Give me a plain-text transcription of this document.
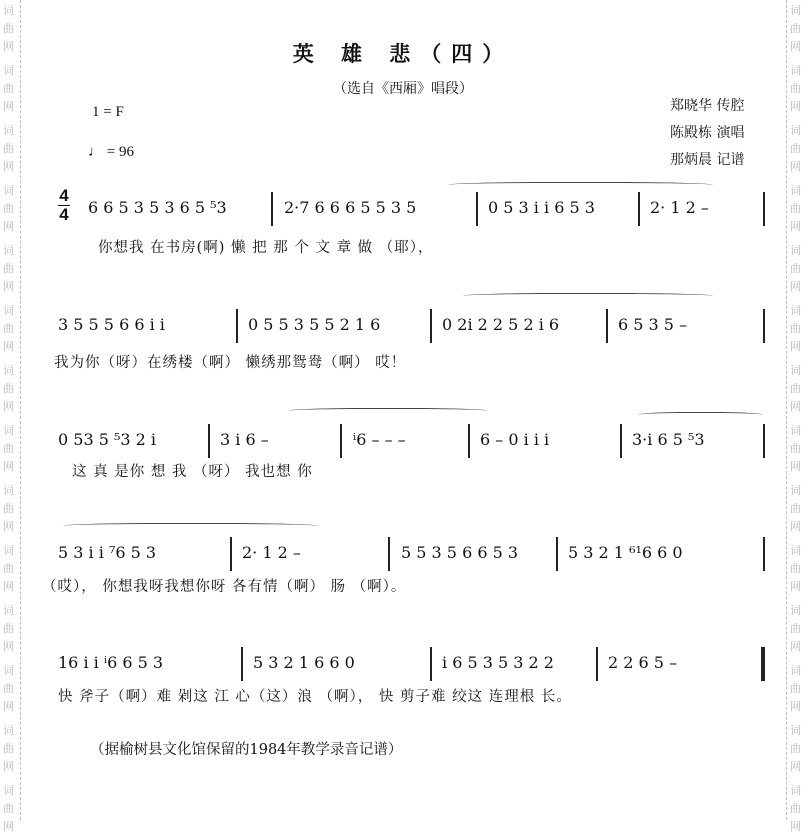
词
曲
网
词
曲
网
词
曲
网
词
曲
网
词
曲
网
词
曲
网
词
曲
网
词
曲
网
词
曲
网
词
曲
网
词
曲
网
词
曲
网
词
曲
网
词
曲
网
词
曲
网
词
曲
网
词
曲
网
词
曲
网
词
曲
网
词
曲
网
词
曲
网
词
曲
网
词
曲
网
词
曲
网
词
曲
网
词
曲
网
词
曲
网
词
曲
网
英 雄 悲（四）
（选自《西厢》唱段）
1 = F
♩ = 96
郑晓华 传腔
陈殿栋 演唱
那炳晨 记谱
4
4 6 6 5 3 5 3 6 5 ⁵3	2·7 6 6 6 5 5 3 5	0 5 3 i i 6 5 3	2· 1 2 –
你想我 在书房(啊) 懒 把 那 个 文 章 做 （耶），
3 5 5 5 6 6 i i	0 5 5 3 5 5 2 1 6	0 2i 2 2 5 2 i 6	6 5 3 5 –
我为你（呀）在绣楼（啊） 懒绣那鸳鸯（啊） 哎！
0 53 5 ⁵3 2 i	3 i 6 –	ⁱ6 – – –	6 – 0 i i i	3·i 6 5 ⁵3
这 真 是你 想 我 （呀） 我也想 你
5 3 i i ⁷6 5 3	2· 1 2 –	5 5 3 5 6 6 5 3	5 3 2 1 ⁶¹6 6 0
（哎）， 你想我呀我想你呀 各有情（啊） 肠 （啊）。
16 i i ⁱ6 6 5 3	5 3 2 1 6 6 0	i 6 5 3 5 3 2 2	2 2 6 5 –
快 斧子（啊）难 剁这 江 心（这）浪 （啊）， 快 剪子难 绞这 连理根 长。
（据榆树县文化馆保留的1984年教学录音记谱）
